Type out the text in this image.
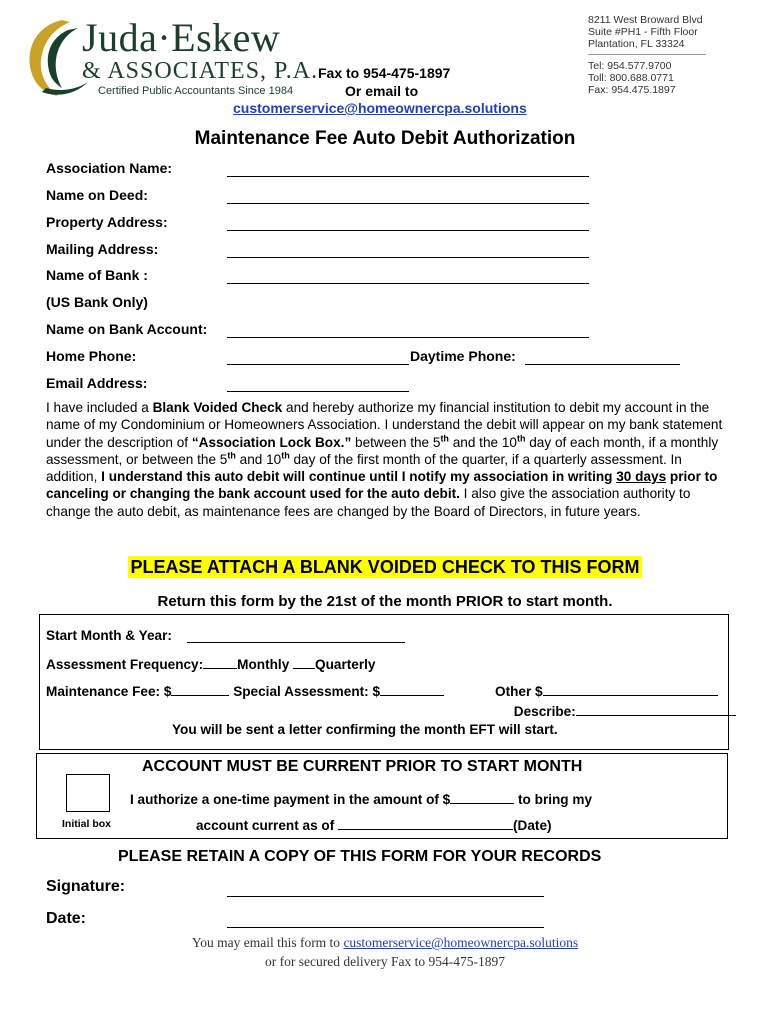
Juda·Eskew
& ASSOCIATES, P.A.
Certified Public Accountants Since 1984
8211 West Broward Blvd
Suite #PH1 - Fifth Floor
Plantation, FL 33324
Tel: 954.577.9700
Toll: 800.688.0771
Fax: 954.475.1897
Fax to 954-475-1897
Or email to
customerservice@homeownercpa.solutions
Maintenance Fee Auto Debit Authorization
Association Name:
Name on Deed:
Property Address:
Mailing Address:
Name of Bank :
(US Bank Only)
Name on Bank Account:
Home Phone:	Daytime Phone:
Email Address:
I have included a Blank Voided Check and hereby authorize my financial institution to debit my account in the name of my Condominium or Homeowners Association. I understand the debit will appear on my bank statement under the description of “Association Lock Box.” between the 5th and the 10th day of each month, if a monthly assessment, or between the 5th and 10th day of the first month of the quarter, if a quarterly assessment. In addition, I understand this auto debit will continue until I notify my association in writing 30 days prior to canceling or changing the bank account used for the auto debit. I also give the association authority to change the auto debit, as maintenance fees are changed by the Board of Directors, in future years.
PLEASE ATTACH A BLANK VOIDED CHECK TO THIS FORM
Return this form by the 21st of the month PRIOR to start month.
Start Month & Year:
Assessment Frequency:	Monthly Quarterly
Maintenance Fee: $	Special Assessment: $	Other $
Describe:
You will be sent a letter confirming the month EFT will start.
ACCOUNT MUST BE CURRENT PRIOR TO START MONTH
Initial box
I authorize a one-time payment in the amount of $	to bring my
account current as of	(Date)
PLEASE RETAIN A COPY OF THIS FORM FOR YOUR RECORDS
Signature:
Date:
You may email this form to customerservice@homeownercpa.solutions
or for secured delivery Fax to 954-475-1897
